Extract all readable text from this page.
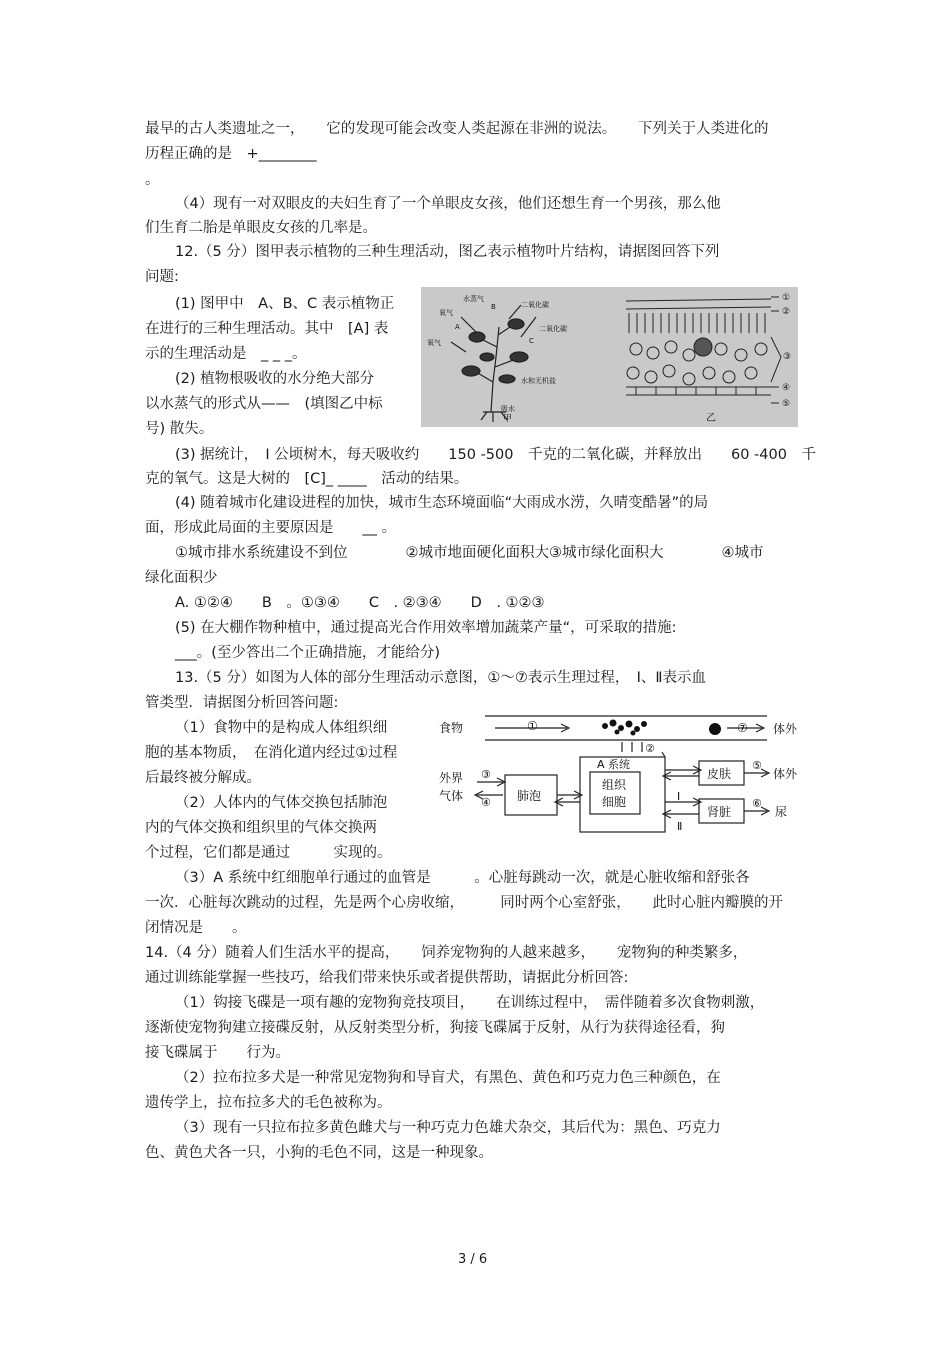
最早的古人类遗址之一，　　它的发现可能会改变人类起源在非洲的说法。　　下列关于人类进化的
历程正确的是　+________
。
（4）现有一对双眼皮的夫妇生育了一个单眼皮女孩，他们还想生育一个男孩，那么他
们生育二胎是单眼皮女孩的几率是。
12.（5 分）图甲表示植物的三种生理活动，图乙表示植物叶片结构，请据图回答下列
问题:
(1) 图甲中　A、B、C 表示植物正
在进行的三种生理活动。其中　[A] 表
示的生理活动是　_ _ _。
(2) 植物根吸收的水分绝大部分
以水蒸气的形式从——　(填图乙中标
号) 散失。
(3) 据统计，　I 公顷树木，每天吸收约　　150 -500　千克的二氧化碳，并释放出　　60 -400　千
克的氧气。这是大树的　[C]_ ____　活动的结果。
(4) 随着城市化建设进程的加快，城市生态环境面临“大雨成水涝，久晴变酷暑”的局
面，形成此局面的主要原因是　　__ 。
①城市排水系统建设不到位　　　　②城市地面硬化面积大③城市绿化面积大　　　　④城市
绿化面积少
A. ①②④　　B　。①③④　　C　. ②③④　　D　. ①②③
(5) 在大棚作物种植中，通过提高光合作用效率增加蔬菜产量“，可采取的措施:
___。(至少答出二个正确措施，才能给分)
13.（5 分）如图为人体的部分生理活动示意图，①～⑦表示生理过程，　Ⅰ、Ⅱ表示血
管类型．请据图分析回答问题:
（1）食物中的是构成人体组织细
胞的基本物质，　在消化道内经过①过程
后最终被分解成。
（2）人体内的气体交换包括肺泡
内的气体交换和组织里的气体交换两
个过程，它们都是通过　　　实现的。
（3）A 系统中红细胞单行通过的血管是　　　。心脏每跳动一次，就是心脏收缩和舒张各
一次．心脏每次跳动的过程，先是两个心房收缩，　　　同时两个心室舒张，　　此时心脏内瓣膜的开
闭情况是　　。
14.（4 分）随着人们生活水平的提高，　　饲养宠物狗的人越来越多，　　宠物狗的种类繁多，
通过训练能掌握一些技巧，给我们带来快乐或者提供帮助，请据此分析回答:
（1）钩接飞碟是一项有趣的宠物狗竞技项目，　　在训练过程中，　需伴随着多次食物刺激，
逐渐使宠物狗建立接碟反射，从反射类型分析，狗接飞碟属于反射，从行为获得途径看，狗
接飞碟属于　　行为。
（2）拉布拉多犬是一种常见宠物狗和导盲犬，有黑色、黄色和巧克力色三种颜色，在
遗传学上，拉布拉多犬的毛色被称为。
（3）现有一只拉布拉多黄色雌犬与一种巧克力色雄犬杂交，其后代为：黑色、巧克力
色、黄色犬各一只，小狗的毛色不同，这是一种现象。
水蒸气
氧气
二氧化碳
二氧化碳
氧气
A
B
C
水和无机盐
吸水
甲
①
②
③
④
⑤
乙
食物	体外
①
②
⑦
外界
气体
③
④ 肺泡
A 系统
组织
细胞
皮肤
肾脏
Ⅰ
Ⅱ
⑤
体外
⑥
尿
3 / 6
